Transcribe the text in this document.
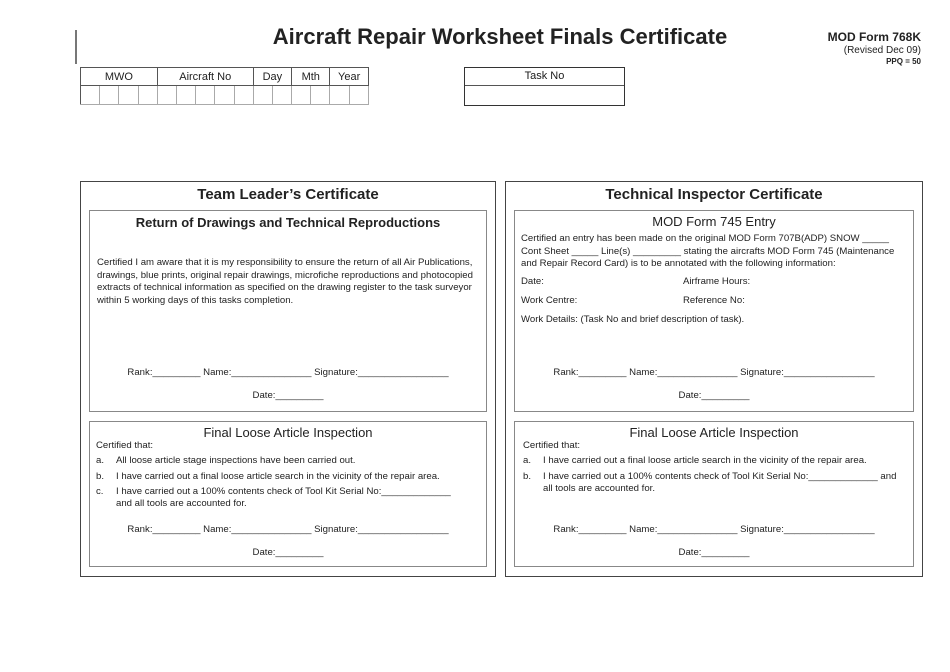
Aircraft Repair Worksheet Finals Certificate	MOD Form 768K
(Revised Dec 09)
PPQ = 50
MWO				Aircraft No					Day		Mth		Year	
															Task No
Team Leader’s Certificate
Return of Drawings and Technical Reproductions

Certified I am aware that it is my responsibility to ensure the return of all Air Publications, drawings, blue prints, original repair drawings, microfiche reproductions and photocopied extracts of technical information as specified on the drawing register to the task surveyor within 5 working days of this tasks completion.

Rank:_________ Name:_______________ Signature:_________________
Date:_________
Final Loose Article Inspection
Certified that:
a.	All loose article stage inspections have been carried out.
b.	I have carried out a final loose article search in the vicinity of the repair area.
c.	I have carried out a 100% contents check of Tool Kit Serial No:_____________ and all tools are accounted for.
Rank:_________ Name:_______________ Signature:_________________
Date:_________
Technical Inspector Certificate
MOD Form 745 Entry

Certified an entry has been made on the original MOD Form 707B(ADP) SNOW _____ Cont Sheet _____ Line(s) _________ stating the aircrafts MOD Form 745 (Maintenance and Repair Record Card) is to be annotated with the following information:

Date:	Airframe Hours:
Work Centre:	Reference No:
Work Details: (Task No and brief description of task).
Rank:_________ Name:_______________ Signature:_________________
Date:_________
Final Loose Article Inspection
Certified that:
a.	I have carried out a final loose article search in the vicinity of the repair area.
b.	I have carried out a 100% contents check of Tool Kit Serial No:_____________ and all tools are accounted for.
Rank:_________ Name:_______________ Signature:_________________
Date:_________
